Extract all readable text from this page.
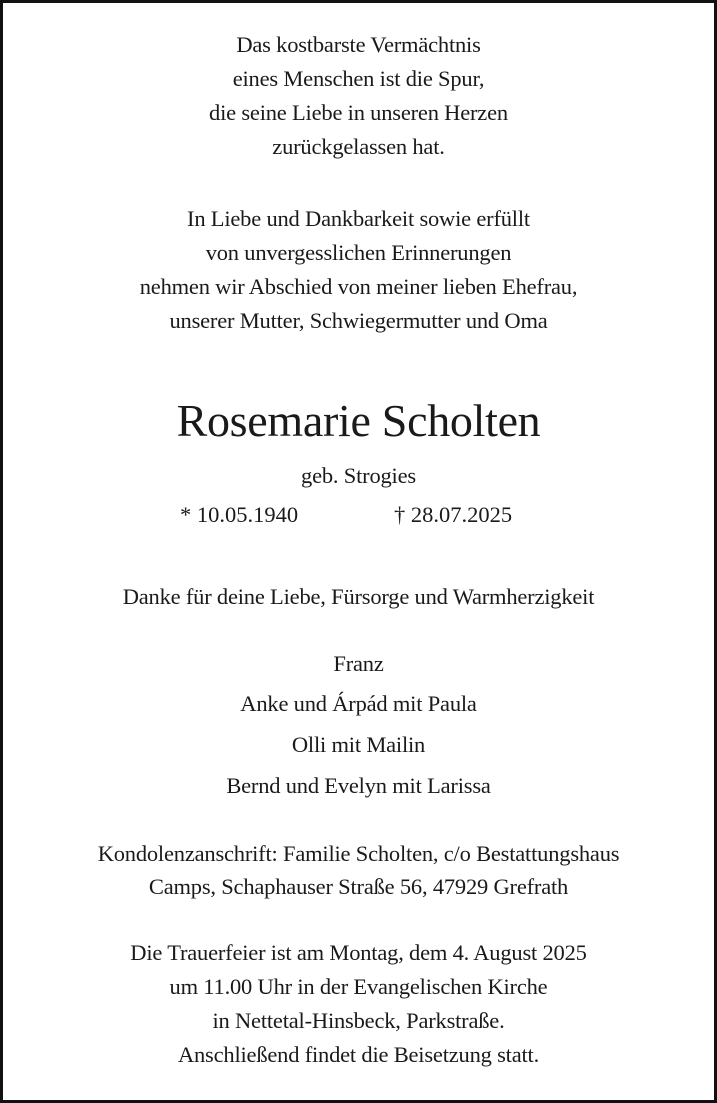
Das kostbarste Vermächtnis
eines Menschen ist die Spur,
die seine Liebe in unseren Herzen
zurückgelassen hat.
In Liebe und Dankbarkeit sowie erfüllt
von unvergesslichen Erinnerungen
nehmen wir Abschied von meiner lieben Ehefrau,
unserer Mutter, Schwiegermutter und Oma
Rosemarie Scholten
geb. Strogies
* 10.05.1940	† 28.07.2025
Danke für deine Liebe, Fürsorge und Warmherzigkeit
Franz
Anke und Árpád mit Paula
Olli mit Mailin
Bernd und Evelyn mit Larissa
Kondolenzanschrift: Familie Scholten, c/o Bestattungshaus
Camps, Schaphauser Straße 56, 47929 Grefrath
Die Trauerfeier ist am Montag, dem 4. August 2025
um 11.00 Uhr in der Evangelischen Kirche
in Nettetal-Hinsbeck, Parkstraße.
Anschließend findet die Beisetzung statt.
